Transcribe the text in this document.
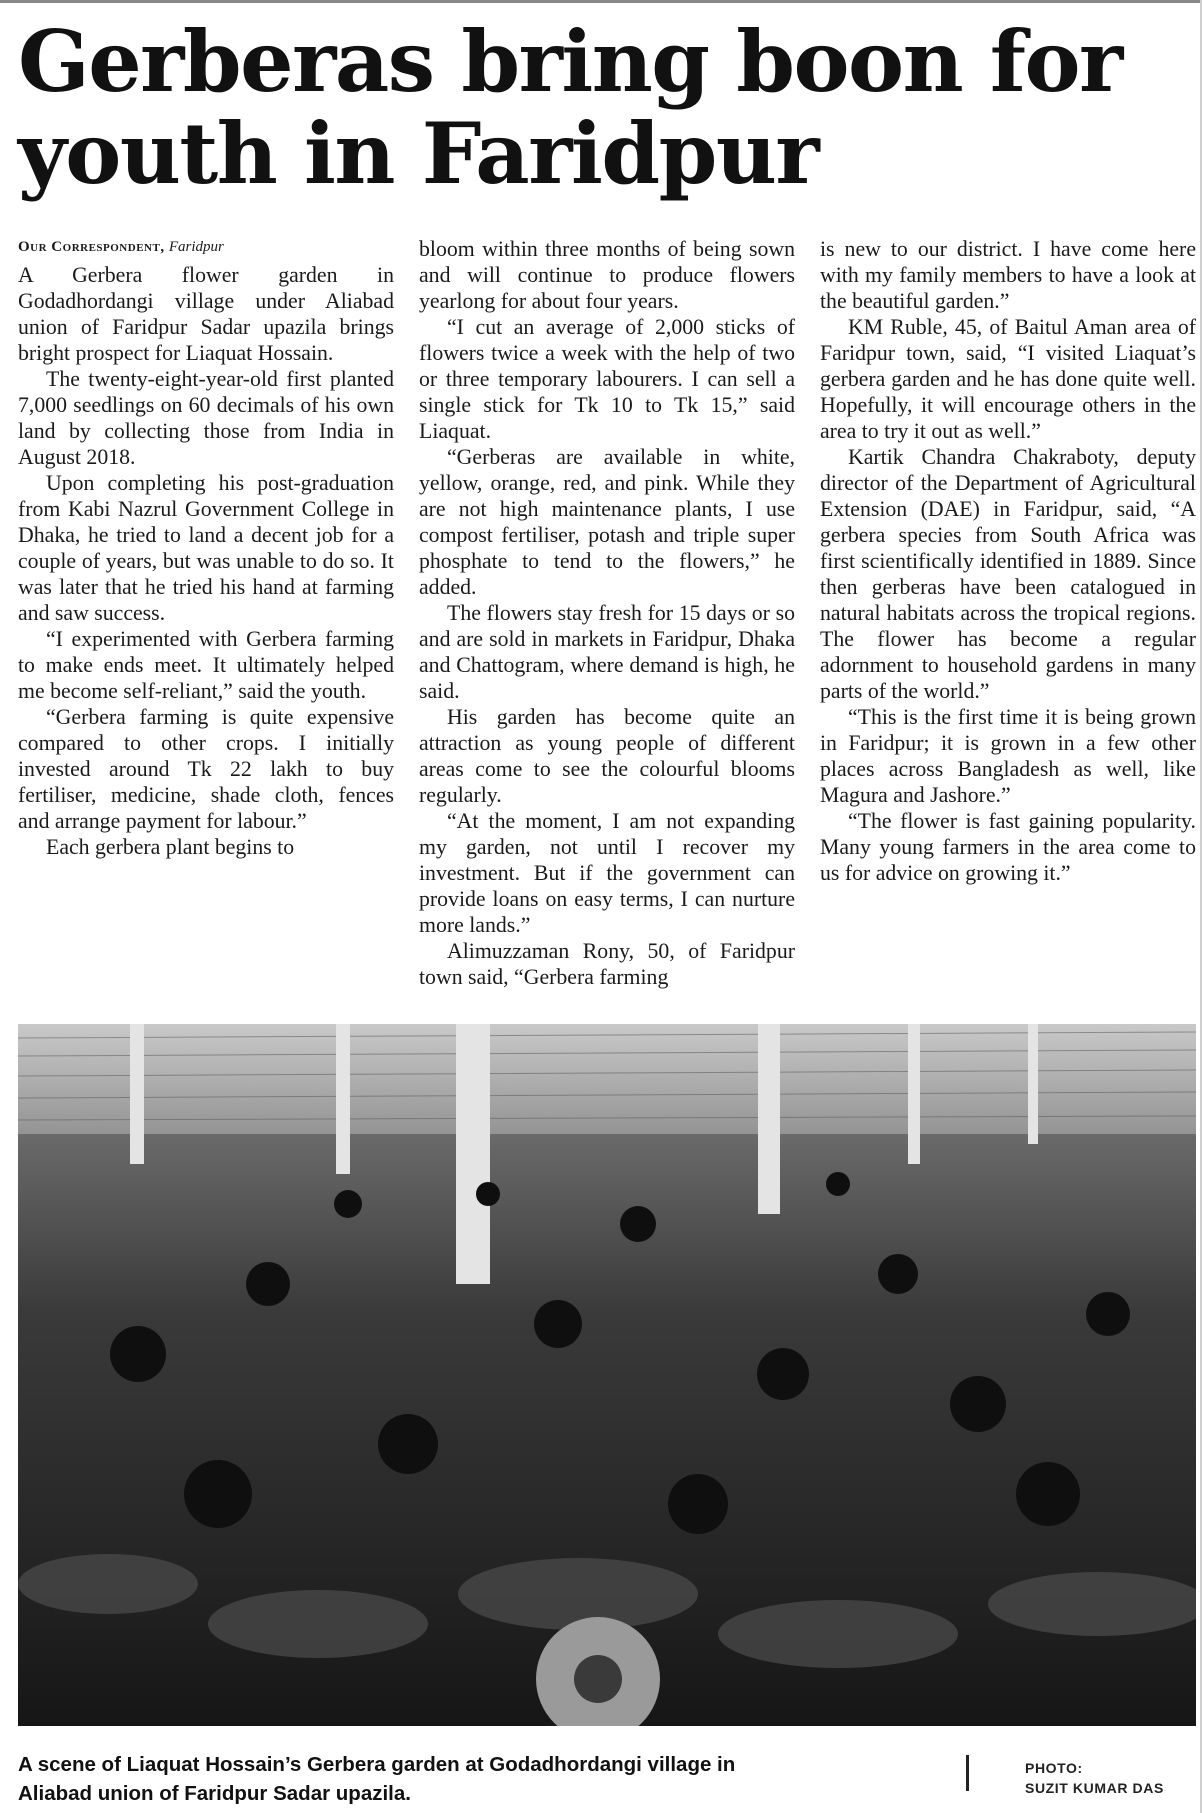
Gerberas bring boon for youth in Faridpur
Our Correspondent, Faridpur

A Gerbera flower garden in Godadhordangi village under Aliabad union of Faridpur Sadar upazila brings bright prospect for Liaquat Hossain.

The twenty-eight-year-old first planted 7,000 seedlings on 60 decimals of his own land by collecting those from India in August 2018.

Upon completing his post-graduation from Kabi Nazrul Government College in Dhaka, he tried to land a decent job for a couple of years, but was unable to do so. It was later that he tried his hand at farming and saw success.

“I experimented with Gerbera farming to make ends meet. It ultimately helped me become self-reliant,” said the youth.

“Gerbera farming is quite expensive compared to other crops. I initially invested around Tk 22 lakh to buy fertiliser, medicine, shade cloth, fences and arrange payment for labour.”

Each gerbera plant begins to

bloom within three months of being sown and will continue to produce flowers yearlong for about four years.

“I cut an average of 2,000 sticks of flowers twice a week with the help of two or three temporary labourers. I can sell a single stick for Tk 10 to Tk 15,” said Liaquat.

“Gerberas are available in white, yellow, orange, red, and pink. While they are not high maintenance plants, I use compost fertiliser, potash and triple super phosphate to tend to the flowers,” he added.

The flowers stay fresh for 15 days or so and are sold in markets in Faridpur, Dhaka and Chattogram, where demand is high, he said.

His garden has become quite an attraction as young people of different areas come to see the colourful blooms regularly.

“At the moment, I am not expanding my garden, not until I recover my investment. But if the government can provide loans on easy terms, I can nurture more lands.”

Alimuzzaman Rony, 50, of Faridpur town said, “Gerbera farming

is new to our district. I have come here with my family members to have a look at the beautiful garden.”

KM Ruble, 45, of Baitul Aman area of Faridpur town, said, “I visited Liaquat’s gerbera garden and he has done quite well. Hopefully, it will encourage others in the area to try it out as well.”

Kartik Chandra Chakraboty, deputy director of the Department of Agricultural Extension (DAE) in Faridpur, said, “A gerbera species from South Africa was first scientifically identified in 1889. Since then gerberas have been catalogued in natural habitats across the tropical regions. The flower has become a regular adornment to household gardens in many parts of the world.”

“This is the first time it is being grown in Faridpur; it is grown in a few other places across Bangladesh as well, like Magura and Jashore.”

“The flower is fast gaining popularity. Many young farmers in the area come to us for advice on growing it.”

A scene of Liaquat Hossain’s Gerbera garden at Godadhordangi village in Aliabad union of Faridpur Sadar upazila.

PHOTO:
SUZIT KUMAR DAS
